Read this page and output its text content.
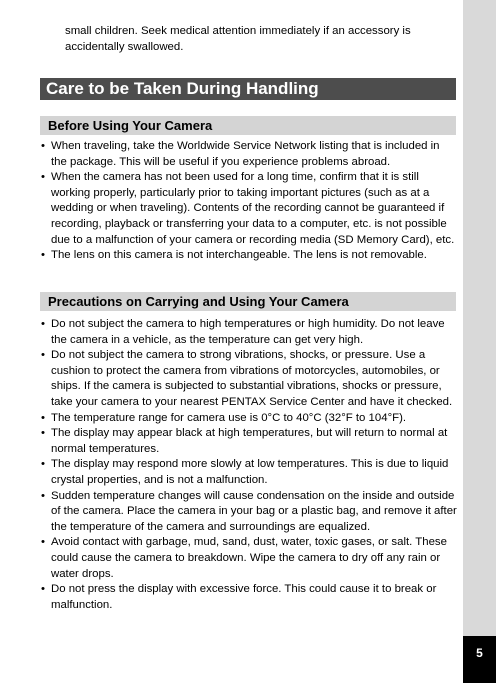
5
small children. Seek medical attention immediately if an accessory is accidentally swallowed.
Care to be Taken During Handling
Before Using Your Camera
• When traveling, take the Worldwide Service Network listing that is included in the package. This will be useful if you experience problems abroad.
• When the camera has not been used for a long time, confirm that it is still working properly, particularly prior to taking important pictures (such as at a wedding or when traveling). Contents of the recording cannot be guaranteed if recording, playback or transferring your data to a computer, etc. is not possible due to a malfunction of your camera or recording media (SD Memory Card), etc.
• The lens on this camera is not interchangeable. The lens is not removable.
Precautions on Carrying and Using Your Camera
• Do not subject the camera to high temperatures or high humidity. Do not leave the camera in a vehicle, as the temperature can get very high.
• Do not subject the camera to strong vibrations, shocks, or pressure. Use a cushion to protect the camera from vibrations of motorcycles, automobiles, or ships. If the camera is subjected to substantial vibrations, shocks or pressure, take your camera to your nearest PENTAX Service Center and have it checked.
• The temperature range for camera use is 0°C to 40°C (32°F to 104°F).
• The display may appear black at high temperatures, but will return to normal at normal temperatures.
• The display may respond more slowly at low temperatures. This is due to liquid crystal properties, and is not a malfunction.
• Sudden temperature changes will cause condensation on the inside and outside of the camera. Place the camera in your bag or a plastic bag, and remove it after the temperature of the camera and surroundings are equalized.
• Avoid contact with garbage, mud, sand, dust, water, toxic gases, or salt. These could cause the camera to breakdown. Wipe the camera to dry off any rain or water drops.
• Do not press the display with excessive force. This could cause it to break or malfunction.
